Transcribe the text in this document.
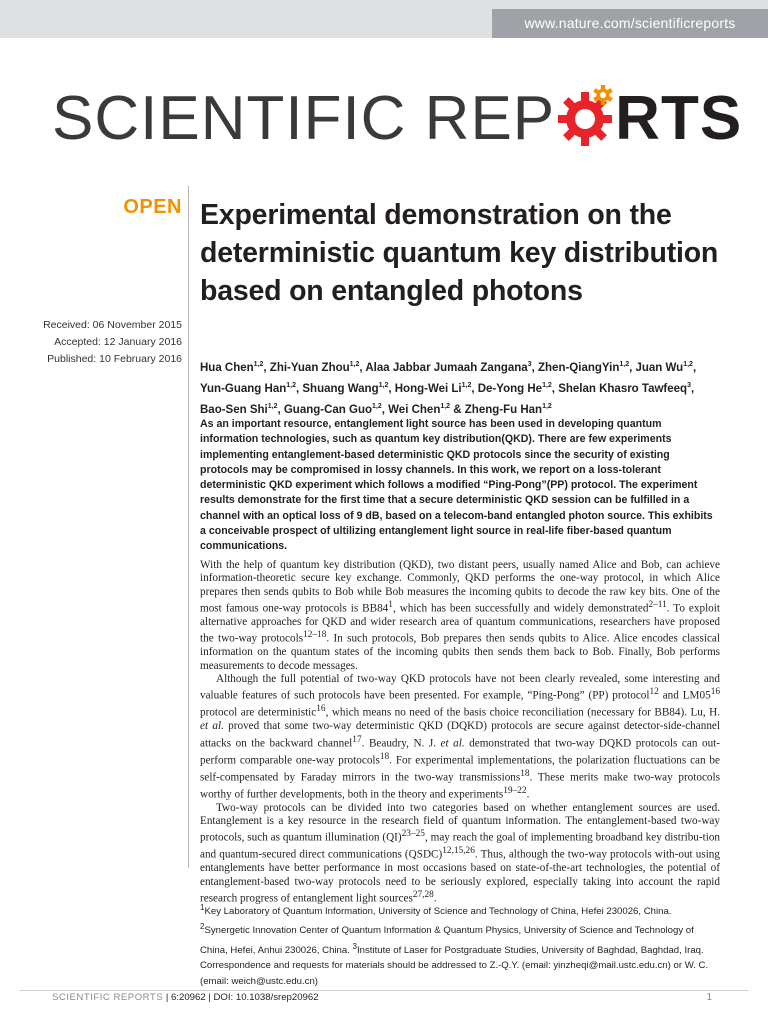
www.nature.com/scientificreports
SCIENTIFIC REP RTS
OPEN
Received: 06 November 2015
Accepted: 12 January 2016
Published: 10 February 2016
Experimental demonstration on the deterministic quantum key distribution based on entangled photons
Hua Chen$^{1,2}$, Zhi-Yuan Zhou$^{1,2}$, Alaa Jabbar Jumaah Zangana$^3$, Zhen-QiangYin$^{1,2}$, Juan Wu$^{1,2}$, Yun-Guang Han$^{1,2}$, Shuang Wang$^{1,2}$, Hong-Wei Li$^{1,2}$, De-Yong He$^{1,2}$, Shelan Khasro Tawfeeq$^3$, Bao-Sen Shi$^{1,2}$, Guang-Can Guo$^{1,2}$, Wei Chen$^{1,2}$ & Zheng-Fu Han$^{1,2}$
As an important resource, entanglement light source has been used in developing quantum information technologies, such as quantum key distribution(QKD). There are few experiments implementing entanglement-based deterministic QKD protocols since the security of existing protocols may be compromised in lossy channels. In this work, we report on a loss-tolerant deterministic QKD experiment which follows a modified “Ping-Pong”(PP) protocol. The experiment results demonstrate for the first time that a secure deterministic QKD session can be fulfilled in a channel with an optical loss of 9 dB, based on a telecom-band entangled photon source. This exhibits a conceivable prospect of ultilizing entanglement light source in real-life fiber-based quantum communications.

With the help of quantum key distribution (QKD), two distant peers, usually named Alice and Bob, can achieve information-theoretic secure key exchange. Commonly, QKD performs the one-way protocol, in which Alice prepares then sends qubits to Bob while Bob measures the incoming qubits to decode the raw key bits. One of the most famous one-way protocols is $BB84^1$, which has been successfully and widely demonstrated$^{2-11}$. To exploit alternative approaches for QKD and wider research area of quantum communications, researchers have proposed the two-way protocols$^{12-18}$. In such protocols, Bob prepares then sends qubits to Alice. Alice encodes classical information on the quantum states of the incoming qubits then sends them back to Bob. Finally, Bob performs measurements to decode messages.

Although the full potential of two-way QKD protocols have not been clearly revealed, some interesting and valuable features of such protocols have been presented. For example, “Ping-Pong” (PP) protocol$^{12}$ and $LM05^{16}$ protocol are deterministic$^{16}$, which means no need of the basis choice reconciliation (necessary for BB84). Lu, H. et al. proved that some two-way deterministic QKD (DQKD) protocols are secure against detector-side-channel attacks on the backward channel$^{17}$. Beaudry, N. J. et al. demonstrated that two-way DQKD protocols can out-perform comparable one-way protocols$^{18}$. For experimental implementations, the polarization fluctuations can be self-compensated by Faraday mirrors in the two-way transmissions$^{18}$. These merits make two-way protocols worthy of further developments, both in the theory and experiments$^{19-22}$.

Two-way protocols can be divided into two categories based on whether entanglement sources are used. Entanglement is a key resource in the research field of quantum information. The entanglement-based two-way protocols, such as quantum illumination (QI)$^{23-25}$, may reach the goal of implementing broadband key distribu-tion and quantum-secured direct communications (QSDC)$^{12,15,26}$. Thus, although the two-way protocols with-out using entanglements have better performance in most occasions based on state-of-the-art technologies, the potential of entanglement-based two-way protocols need to be seriously explored, especially taking into account the rapid research progress of entanglement light sources$^{27,28}$.

$^1$Key Laboratory of Quantum Information, University of Science and Technology of China, Hefei 230026, China. $^2$Synergetic Innovation Center of Quantum Information & Quantum Physics, University of Science and Technology of China, Hefei, Anhui 230026, China. $^3$Institute of Laser for Postgraduate Studies, University of Baghdad, Baghdad, Iraq. Correspondence and requests for materials should be addressed to Z.-Q.Y. (email: yinzheqi@mail.ustc.edu.cn) or W. C. (email: weich@ustc.edu.cn)
SCIENTIFIC REPORTS | 6:20962 | DOI: 10.1038/srep20962	1
